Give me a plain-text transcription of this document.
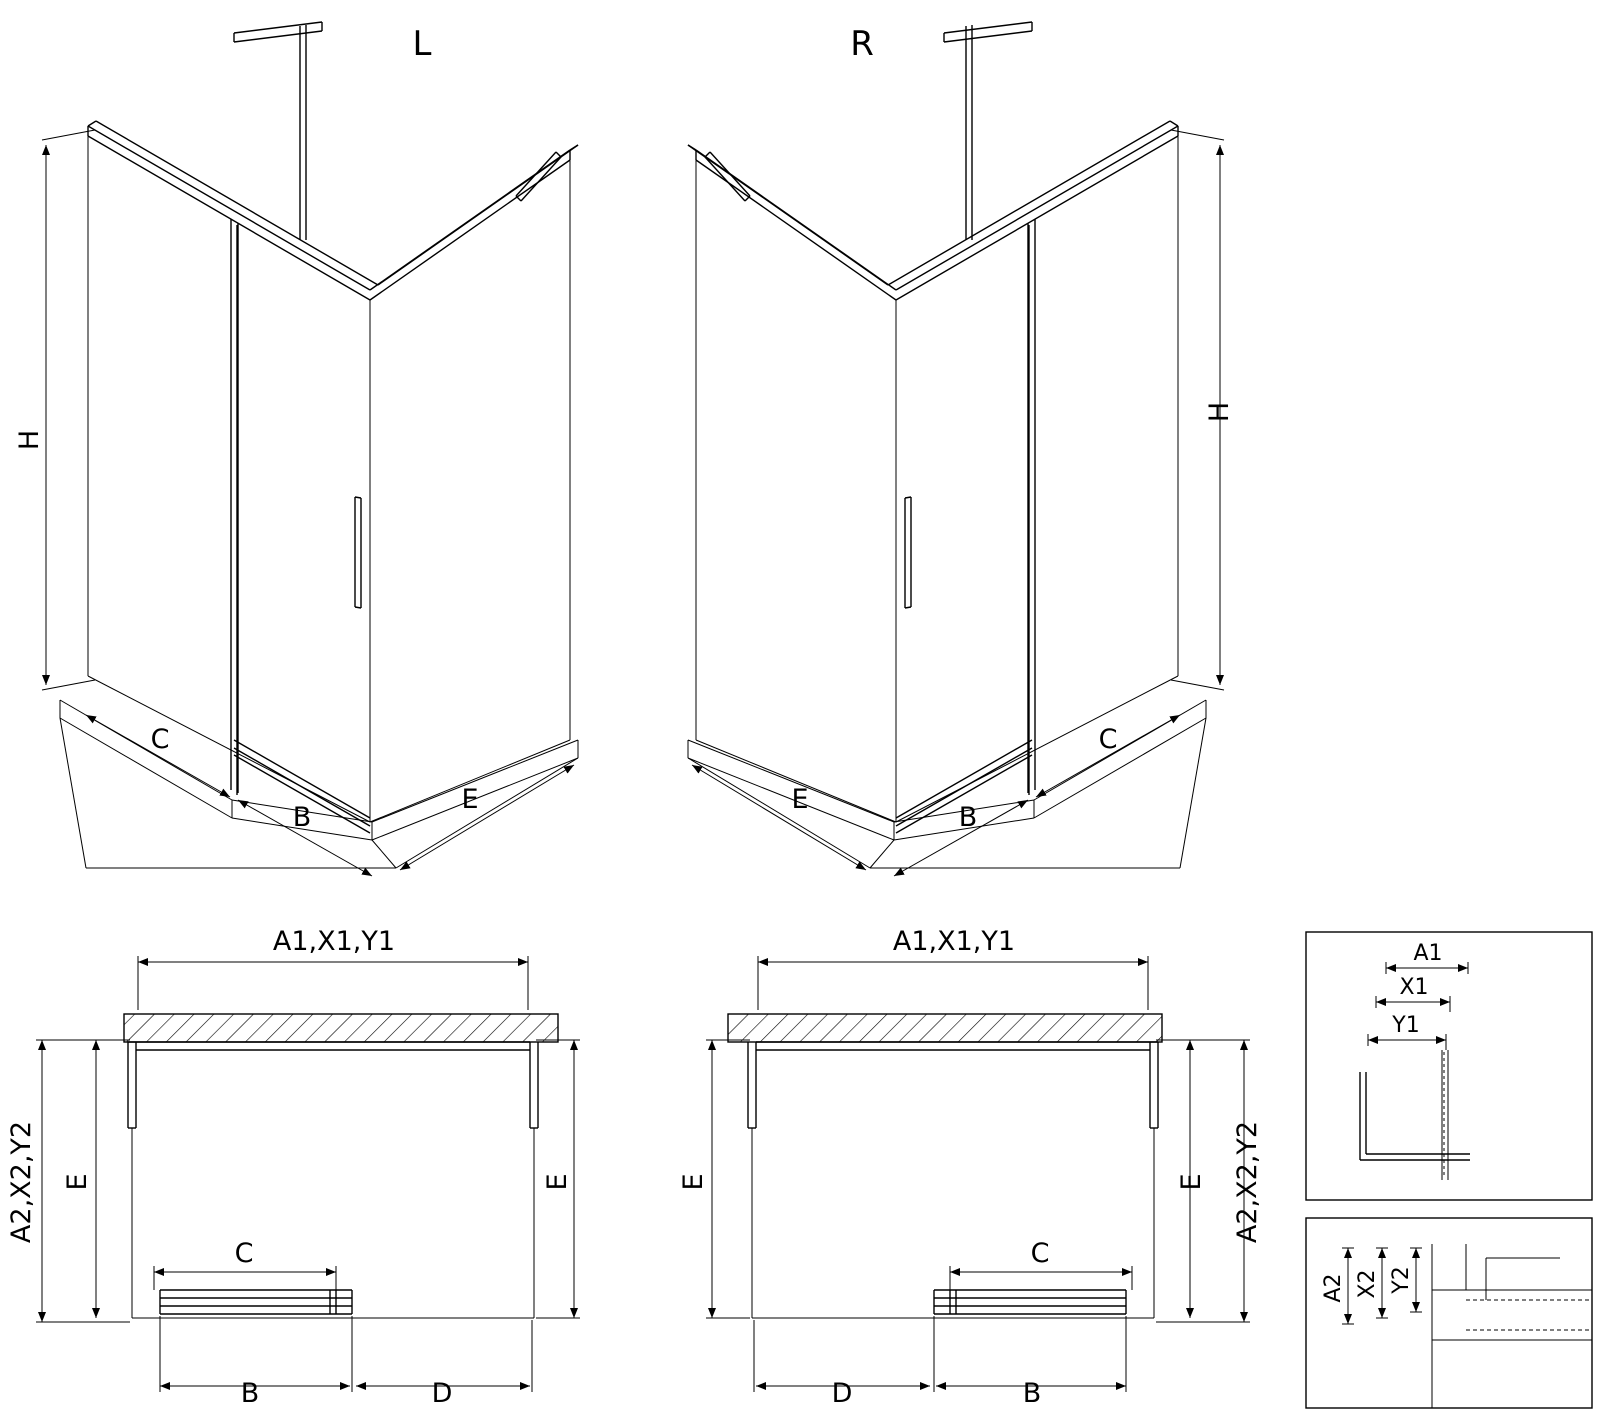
H
C
B
E
L
H
C
B
E
R
A1,X1,Y1
A2,X2,Y2 E	E
C
B	D
A1,X1,Y1
A2,X2,Y2
E
E
C
B
D
A1
X1
Y1
A2 X2 Y2
